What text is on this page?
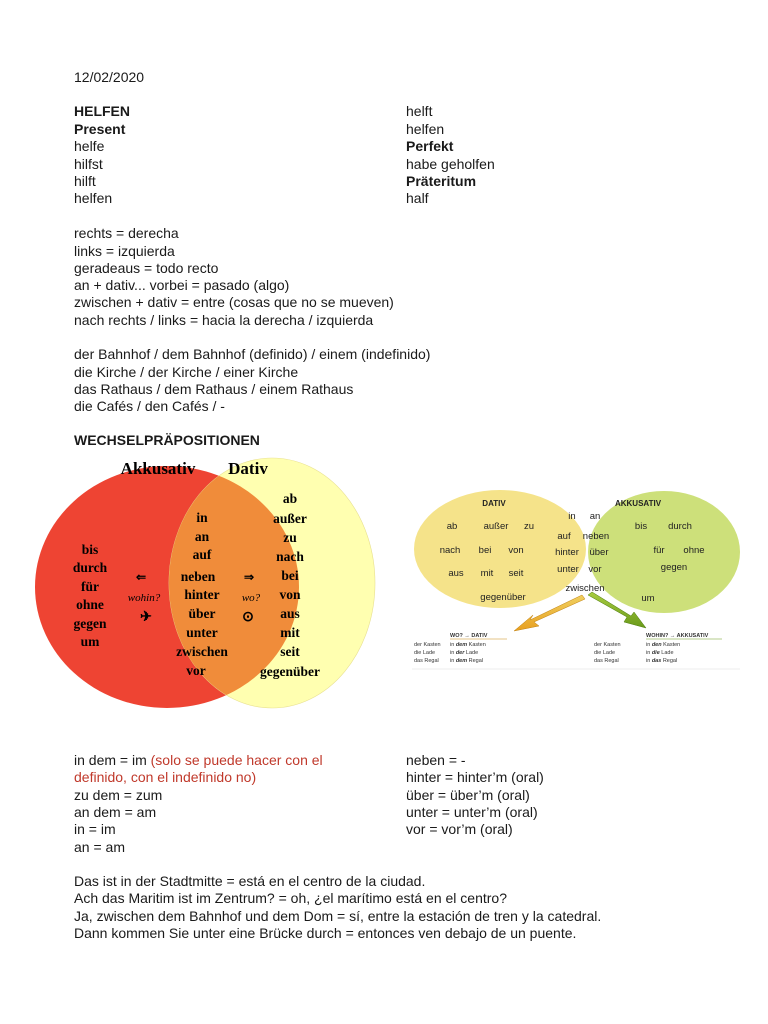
12/02/2020
HELFEN
Present
helfe
hilfst
hilft
helfen
helft
helfen
Perfekt
habe geholfen
Präteritum
half
rechts = derecha
links = izquierda
geradeaus = todo recto
an + dativ... vorbei = pasado (algo)
zwischen + dativ = entre (cosas que no se mueven)
nach rechts / links = hacia la derecha / izquierda
der Bahnhof / dem Bahnhof (definido) / einem (indefinido)
die Kirche / der Kirche / einer Kirche
das Rathaus / dem Rathaus / einem Rathaus
die Cafés / den Cafés / -
WECHSELPRÄPOSITIONEN
Akkusativ Dativ
bis
durch
für
ohne
gegen
um
in
an
auf
neben
hinter
über
unter
zwischen
vor
ab
außer
zu
nach
bei
von
aus
mit
seit
gegenüber
⇐	⇒
wohin?	wo?
✈	⊙
DATIV	AKKUSATIV
ab	außer zu
nach bei von
aus mit seit
gegenüber
in an
auf neben
hinter über
unter vor
zwischen
bis durch
für ohne
gegen
um
WO? → DATIV	WOHIN? → AKKUSATIV
der Kasten in dem Kasten
die Lade	in der Lade
das Regal in dem Regal
der Kasten	in den Kasten
die Lade	in die Lade
das Regal	in das Regal
in dem = im (solo se puede hacer con el
definido, con el indefinido no)
zu dem = zum
an dem = am
in = im
an = am
neben = -
hinter = hinter’m (oral)
über = über’m (oral)
unter = unter’m (oral)
vor = vor’m (oral)
Das ist in der Stadtmitte = está en el centro de la ciudad.
Ach das Maritim ist im Zentrum? = oh, ¿el marítimo está en el centro?
Ja, zwischen dem Bahnhof und dem Dom = sí, entre la estación de tren y la catedral.
Dann kommen Sie unter eine Brücke durch = entonces ven debajo de un puente.
